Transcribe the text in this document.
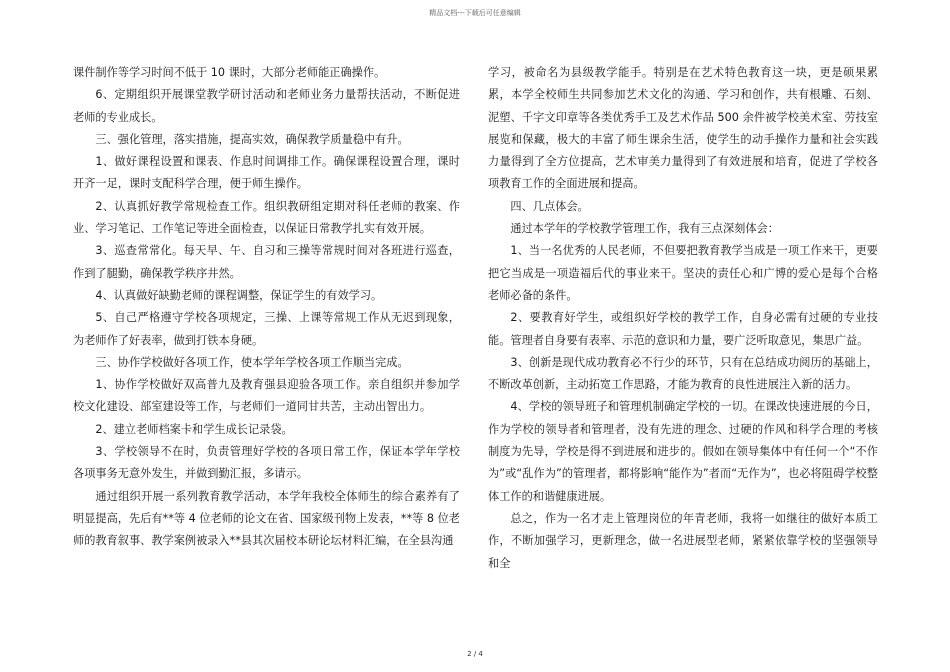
精品文档---下载后可任意编辑

课件制作等学习时间不低于 10 课时，大部分老师能正确操作。

6、定期组织开展课堂教学研讨活动和老师业务力量帮扶活动，不断促进老师的专业成长。

三、强化管理，落实措施，提高实效，确保教学质量稳中有升。

1、做好课程设置和课表、作息时间调排工作。确保课程设置合理，课时开齐一足，课时支配科学合理，便于师生操作。

2、认真抓好教学常规检查工作。组织教研组定期对科任老师的教案、作业、学习笔记、工作笔记等进全面检查，以保证日常教学扎实有效开展。

3、巡查常常化。每天早、午、自习和三操等常规时间对各班进行巡查，作到了腿勤，确保教学秩序井然。

4、认真做好缺勤老师的课程调整，保证学生的有效学习。

5、自己严格遵守学校各项规定，三操、上课等常规工作从无迟到现象，为老师作了好表率，做到打铁本身硬。

三、协作学校做好各项工作，使本学年学校各项工作顺当完成。

1、协作学校做好双高普九及教育强县迎验各项工作。亲自组织并参加学校文化建设、部室建设等工作，与老师们一道同甘共苦，主动出智出力。

2、建立老师档案卡和学生成长记录袋。

3、学校领导不在时，负责管理好学校的各项日常工作，保证本学年学校各项事务无意外发生，并做到勤汇报，多请示。

通过组织开展一系列教育教学活动，本学年我校全体师生的综合素养有了明显提高，先后有**等 4 位老师的论文在省、国家级刊物上发表，**等 8 位老师的教育叙事、教学案例被录入**县其次届校本研论坛材料汇编，在全县沟通

学习，被命名为县级教学能手。特别是在艺术特色教育这一块，更是硕果累累，本学全校师生共同参加艺术文化的沟通、学习和创作，共有根雕、石刻、泥塑、千字文印章等各类优秀手工及艺术作品 500 余件被学校美术室、劳技室展览和保藏，极大的丰富了师生课余生活，使学生的动手操作力量和社会实践力量得到了全方位提高，艺术审美力量得到了有效进展和培育，促进了学校各项教育工作的全面进展和提高。

四、几点体会。

通过本学年的学校教学管理工作，我有三点深刻体会：

1、当一名优秀的人民老师，不但要把教育教学当成是一项工作来干，更要把它当成是一项造福后代的事业来干。坚决的责任心和广博的爱心是每个合格老师必备的条件。

2、要教育好学生，或组织好学校的教学工作，自身必需有过硬的专业技能。管理者自身要有表率、示范的意识和力量，要广泛听取意见，集思广益。

3、创新是现代成功教育必不行少的环节，只有在总结成功阅历的基础上，不断改革创新，主动拓宽工作思路，才能为教育的良性进展注入新的活力。

4、学校的领导班子和管理机制确定学校的一切。在课改快速进展的今日，作为学校的领导者和管理者，没有先进的理念、过硬的作风和科学合理的考核制度为先导，学校是得不到进展和进步的。假如在领导集体中有任何一个“不作为”或“乱作为”的管理者，都将影响“能作为”者而“无作为”，也必将阻碍学校整体工作的和谐健康进展。

总之，作为一名才走上管理岗位的年青老师，我将一如继往的做好本质工作，不断加强学习，更新理念，做一名进展型老师，紧紧依靠学校的坚强领导和全

2 / 4
